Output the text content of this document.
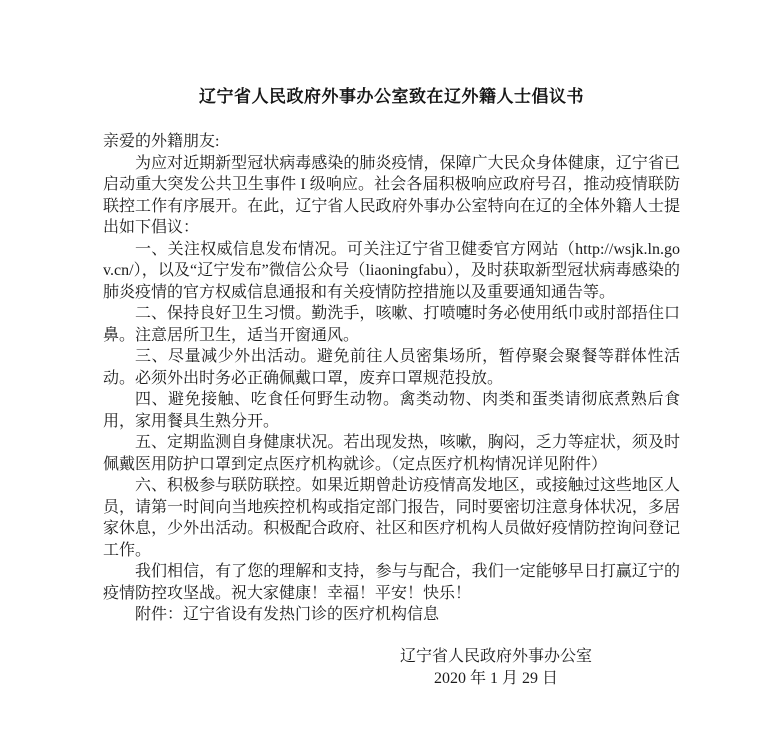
辽宁省人民政府外事办公室致在辽外籍人士倡议书

亲爱的外籍朋友:

为应对近期新型冠状病毒感染的肺炎疫情，保障广大民众身体健康，辽宁省已启动重大突发公共卫生事件 I 级响应。社会各届积极响应政府号召，推动疫情联防联控工作有序展开。在此，辽宁省人民政府外事办公室特向在辽的全体外籍人士提出如下倡议：

一、关注权威信息发布情况。可关注辽宁省卫健委官方网站（http://wsjk.ln.gov.cn/），以及“辽宁发布”微信公众号（liaoningfabu），及时获取新型冠状病毒感染的肺炎疫情的官方权威信息通报和有关疫情防控措施以及重要通知通告等。

二、保持良好卫生习惯。勤洗手，咳嗽、打喷嚏时务必使用纸巾或肘部捂住口鼻。注意居所卫生，适当开窗通风。

三、尽量减少外出活动。避免前往人员密集场所，暂停聚会聚餐等群体性活动。必须外出时务必正确佩戴口罩，废弃口罩规范投放。

四、避免接触、吃食任何野生动物。禽类动物、肉类和蛋类请彻底煮熟后食用，家用餐具生熟分开。

五、定期监测自身健康状况。若出现发热，咳嗽，胸闷，乏力等症状，须及时佩戴医用防护口罩到定点医疗机构就诊。（定点医疗机构情况详见附件）

六、积极参与联防联控。如果近期曾赴访疫情高发地区，或接触过这些地区人员，请第一时间向当地疾控机构或指定部门报告，同时要密切注意身体状况，多居家休息，少外出活动。积极配合政府、社区和医疗机构人员做好疫情防控询问登记工作。

我们相信，有了您的理解和支持，参与与配合，我们一定能够早日打赢辽宁的疫情防控攻坚战。祝大家健康！幸福！平安！快乐！

附件：辽宁省设有发热门诊的医疗机构信息

辽宁省人民政府外事办公室

2020 年 1 月 29 日
